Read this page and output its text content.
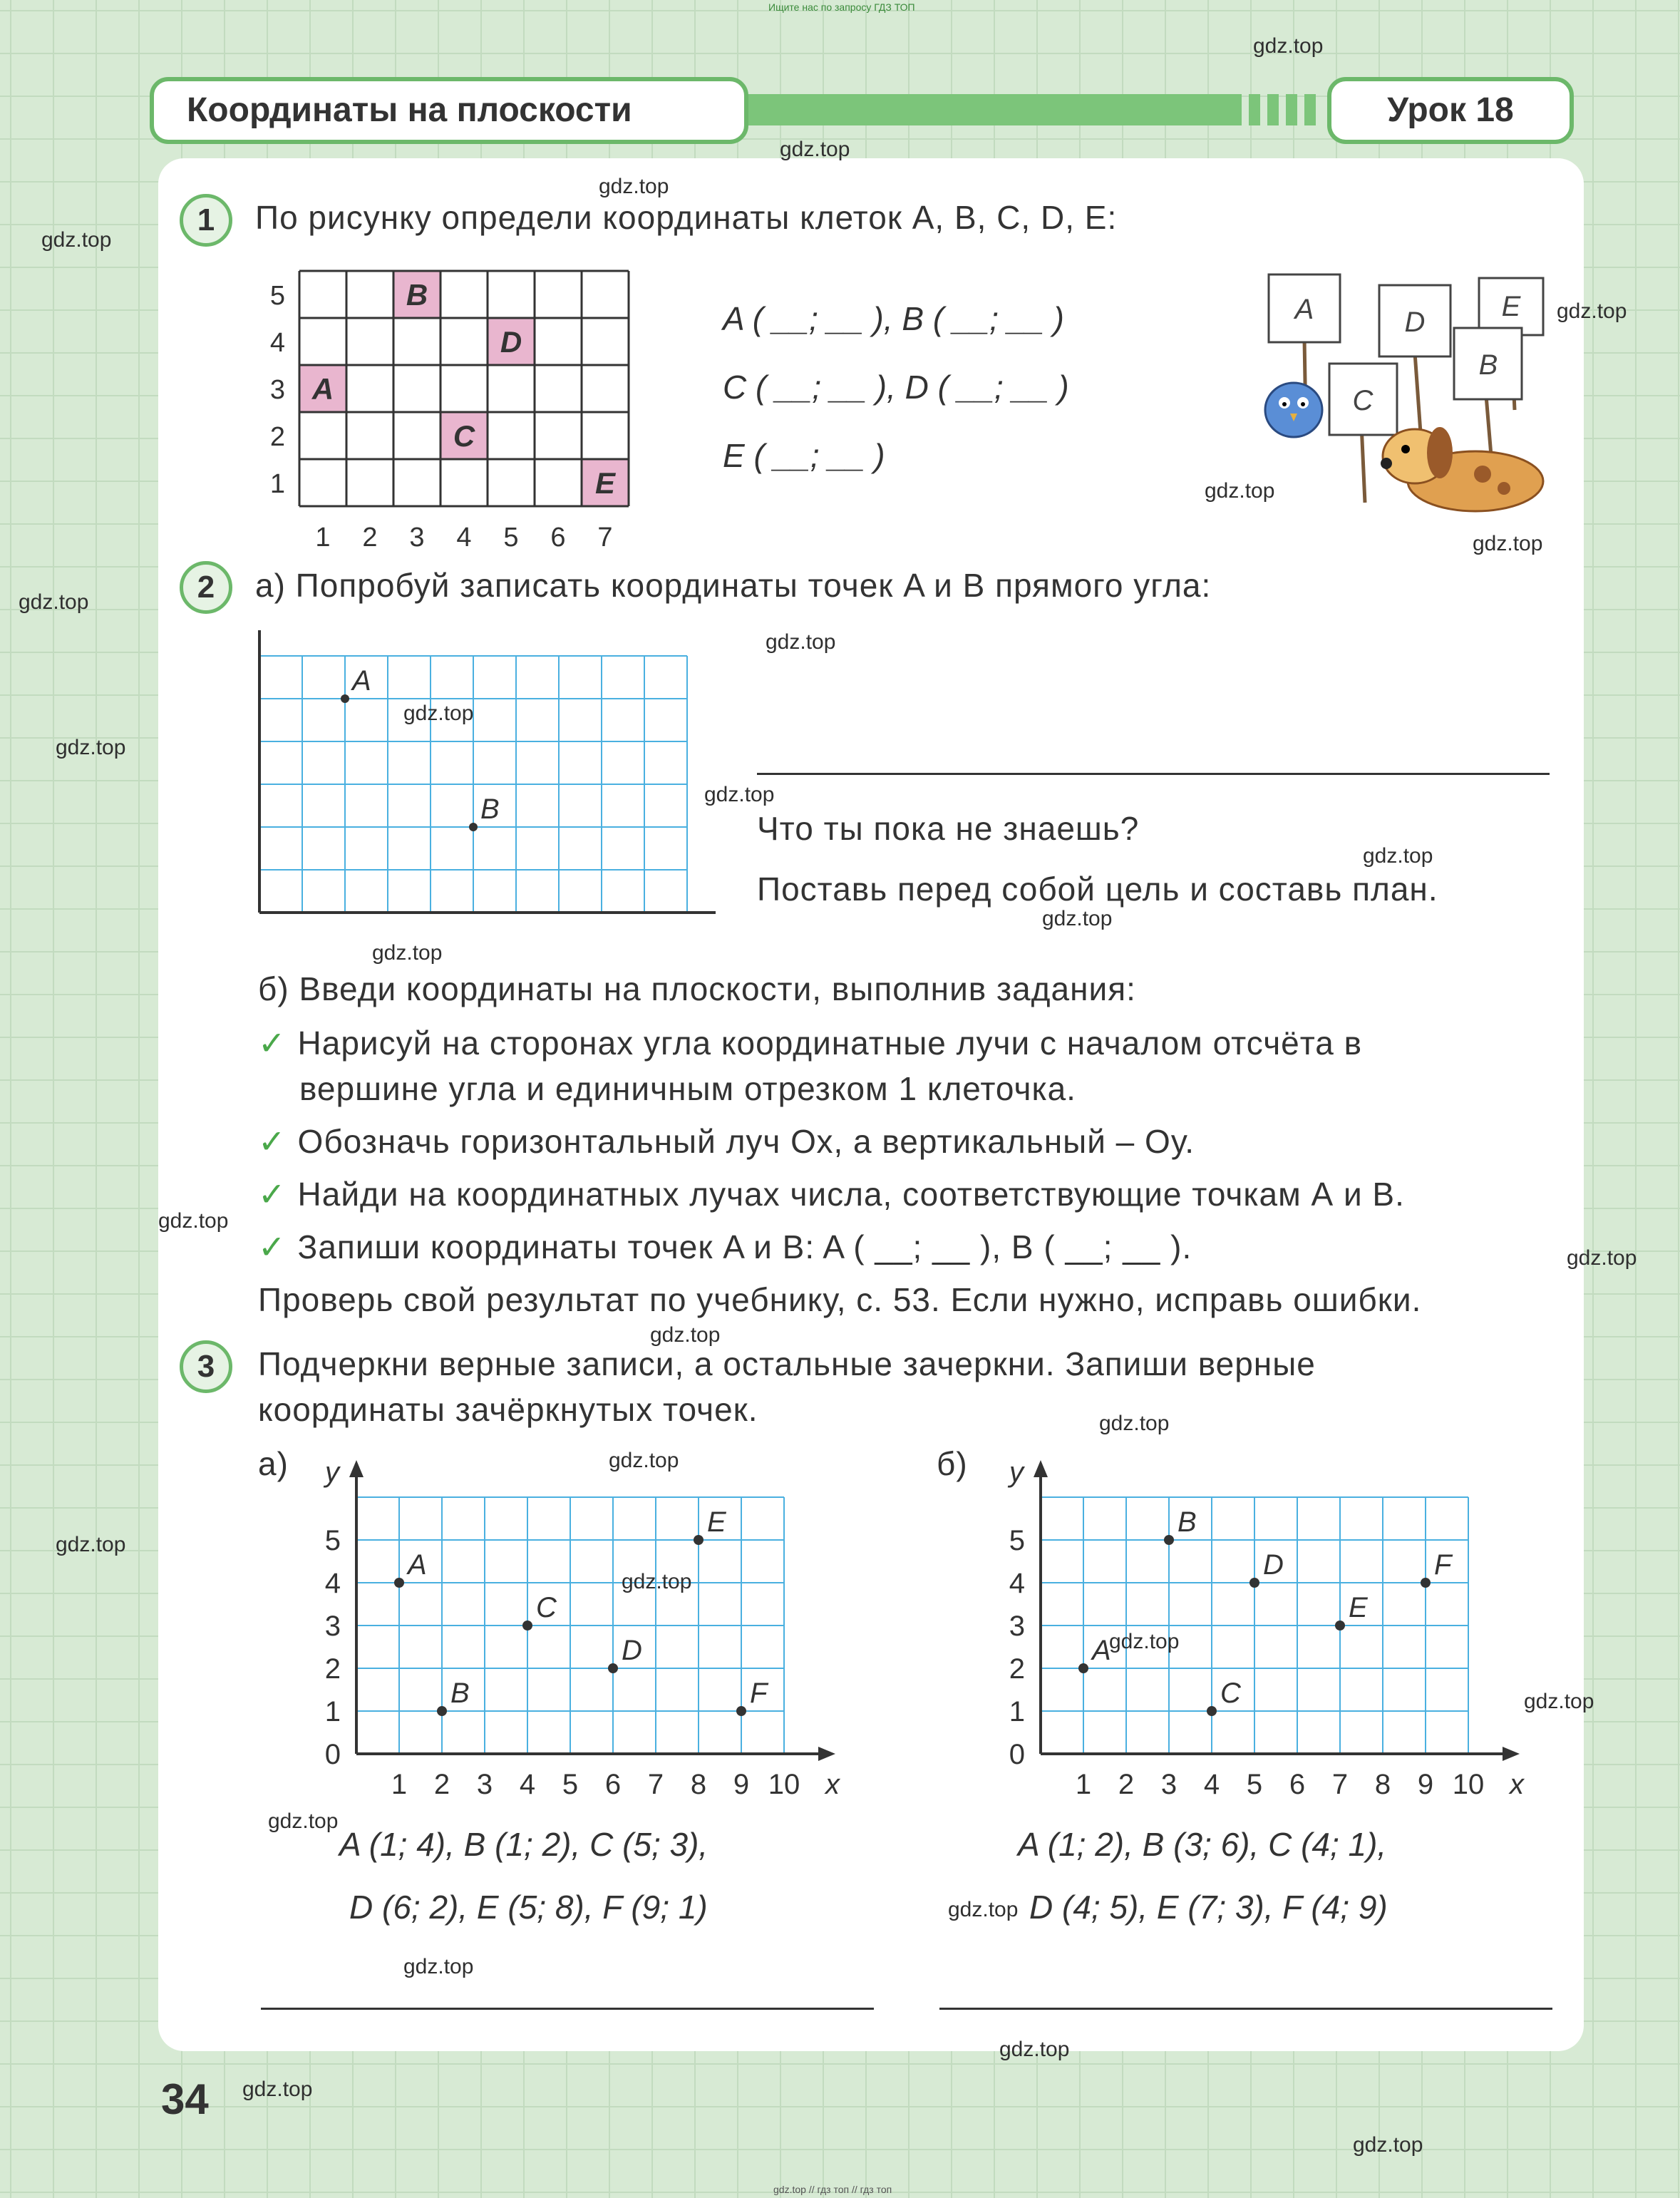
Ищите нас по запросу ГДЗ ТОП
Координаты на плоскости	Урок 18
1	По рисунку определи координаты клеток A, B, C, D, E:
A
B
C
D
E
1 2 3 4 5 6 7
5
4
3
2
1
A ( __; __ ), B ( __; __ )
C ( __; __ ), D ( __; __ )
E ( __; __ )
A	D	E
B
C
2	а) Попробуй записать координаты точек A и B прямого угла:
A
B
Что ты пока не знаешь?
Поставь перед собой цель и составь план.
б) Введи координаты на плоскости, выполнив задания:
✓ Нарисуй на сторонах угла координатные лучи с началом отсчёта в
вершине угла и единичным отрезком 1 клеточка.
✓ Обозначь горизонтальный луч Ох, а вертикальный – Оу.
✓ Найди на координатных лучах числа, соответствующие точкам А и В.
✓ Запиши координаты точек A и B: A ( __; __ ), B ( __; __ ).
Проверь свой результат по учебнику, с. 53. Если нужно, исправь ошибки.
3	Подчеркни верные записи, а остальные зачеркни. Запиши верные
координаты зачёркнутых точек.
а)	б)
1 2 3 4 5 6 7 8 9 10
1
2
3
4
5
0
x
y
A
B
C
D
E
F
1 2 3 4 5 6 7 8 9 10
1
2
3
4
5
0
x
y
A
B
C
D
E
F
A (1; 4), B (1; 2), C (5; 3),
D (6; 2), E (5; 8), F (9; 1)
A (1; 2), B (3; 6), C (4; 1),
D (4; 5), E (7; 3), F (4; 9)
34
gdz.top
gdz.top
gdz.top
gdz.top
gdz.top
gdz.top
gdz.top
gdz.top
gdz.top
gdz.top
gdz.top
gdz.top
gdz.top
gdz.top
gdz.top
gdz.top
gdz.top
gdz.top
gdz.top
gdz.top
gdz.top
gdz.top
gdz.top
gdz.top
gdz.top
gdz.top
gdz.top
gdz.top
gdz.top
gdz.top
gdz.top // гдз топ // гдз топ
